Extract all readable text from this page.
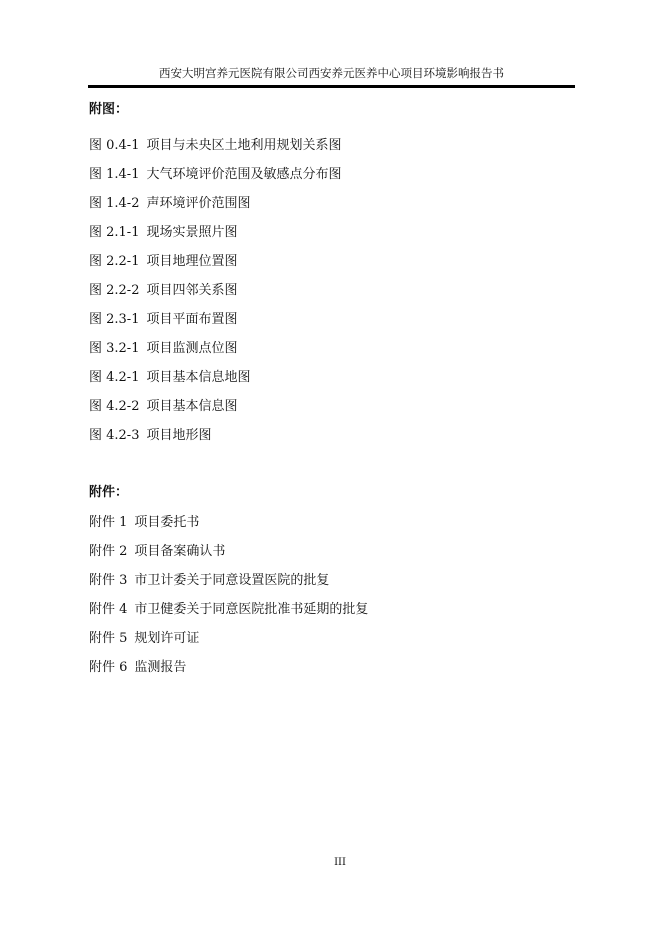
西安大明宫养元医院有限公司西安养元医养中心项目环境影响报告书
附图：
图 0.4-1 项目与未央区土地利用规划关系图
图 1.4-1 大气环境评价范围及敏感点分布图
图 1.4-2 声环境评价范围图
图 2.1-1 现场实景照片图
图 2.2-1 项目地理位置图
图 2.2-2 项目四邻关系图
图 2.3-1 项目平面布置图
图 3.2-1 项目监测点位图
图 4.2-1 项目基本信息地图
图 4.2-2 项目基本信息图
图 4.2-3 项目地形图
附件：
附件 1 项目委托书
附件 2 项目备案确认书
附件 3 市卫计委关于同意设置医院的批复
附件 4 市卫健委关于同意医院批准书延期的批复
附件 5 规划许可证
附件 6 监测报告
III
